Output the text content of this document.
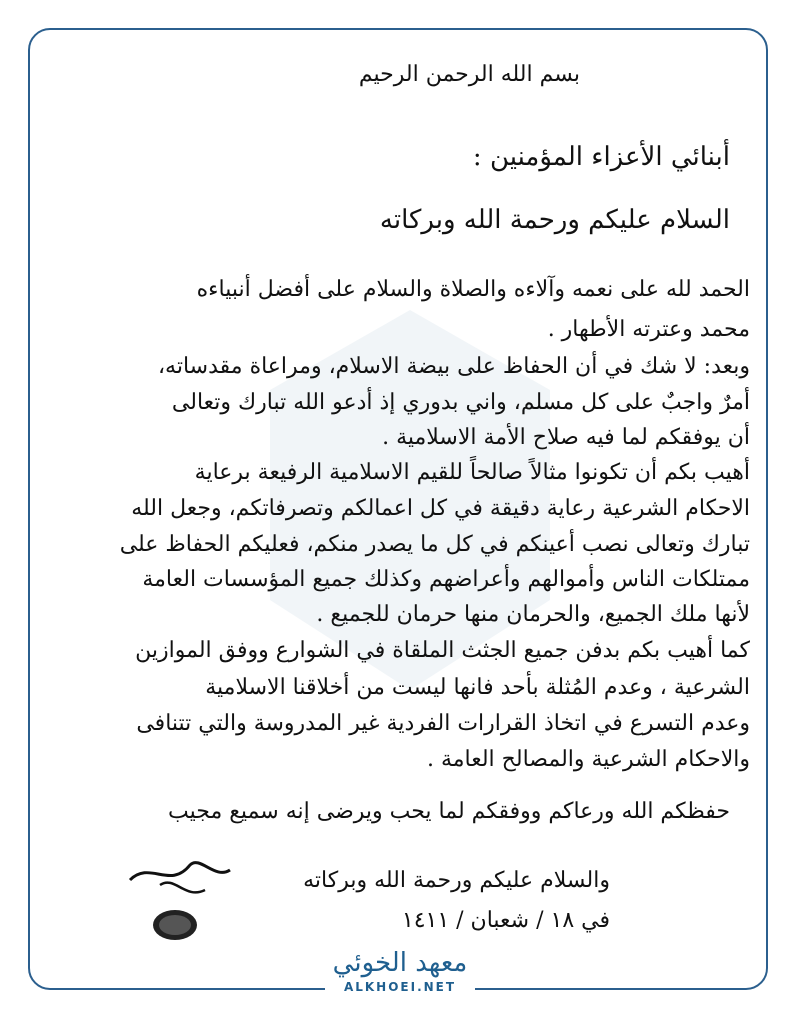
بسم الله الرحمن الرحيم
أبنائي الأعزاء المؤمنين :
السلام عليكم ورحمة الله وبركاته
الحمد لله على نعمه وآلاءه والصلاة والسلام على أفضل أنبياءه
محمد وعترته الأطهار .
وبعد: لا شك في أن الحفاظ على بيضة الاسلام، ومراعاة مقدساته،
أمرٌ واجبٌ على كل مسلم، واني بدوري إذ أدعو الله تبارك وتعالى
أن يوفقكم لما فيه صلاح الأمة الاسلامية .
أهيب بكم أن تكونوا مثالاً صالحاً للقيم الاسلامية الرفيعة برعاية
الاحكام الشرعية رعاية دقيقة في كل اعمالكم وتصرفاتكم، وجعل الله
تبارك وتعالى نصب أعينكم في كل ما يصدر منكم، فعليكم الحفاظ على
ممتلكات الناس وأموالهم وأعراضهم وكذلك جميع المؤسسات العامة
لأنها ملك الجميع، والحرمان منها حرمان للجميع .
كما أهيب بكم بدفن جميع الجثث الملقاة في الشوارع ووفق الموازين
الشرعية ، وعدم المُثلة بأحد فانها ليست من أخلاقنا الاسلامية
وعدم التسرع في اتخاذ القرارات الفردية غير المدروسة والتي تتنافى
والاحكام الشرعية والمصالح العامة .
حفظكم الله ورعاكم ووفقكم لما يحب ويرضى إنه سميع مجيب
والسلام عليكم ورحمة الله وبركاته
في ١٨ / شعبان / ١٤١١
معهد الخوئي
ALKHOEI.NET
